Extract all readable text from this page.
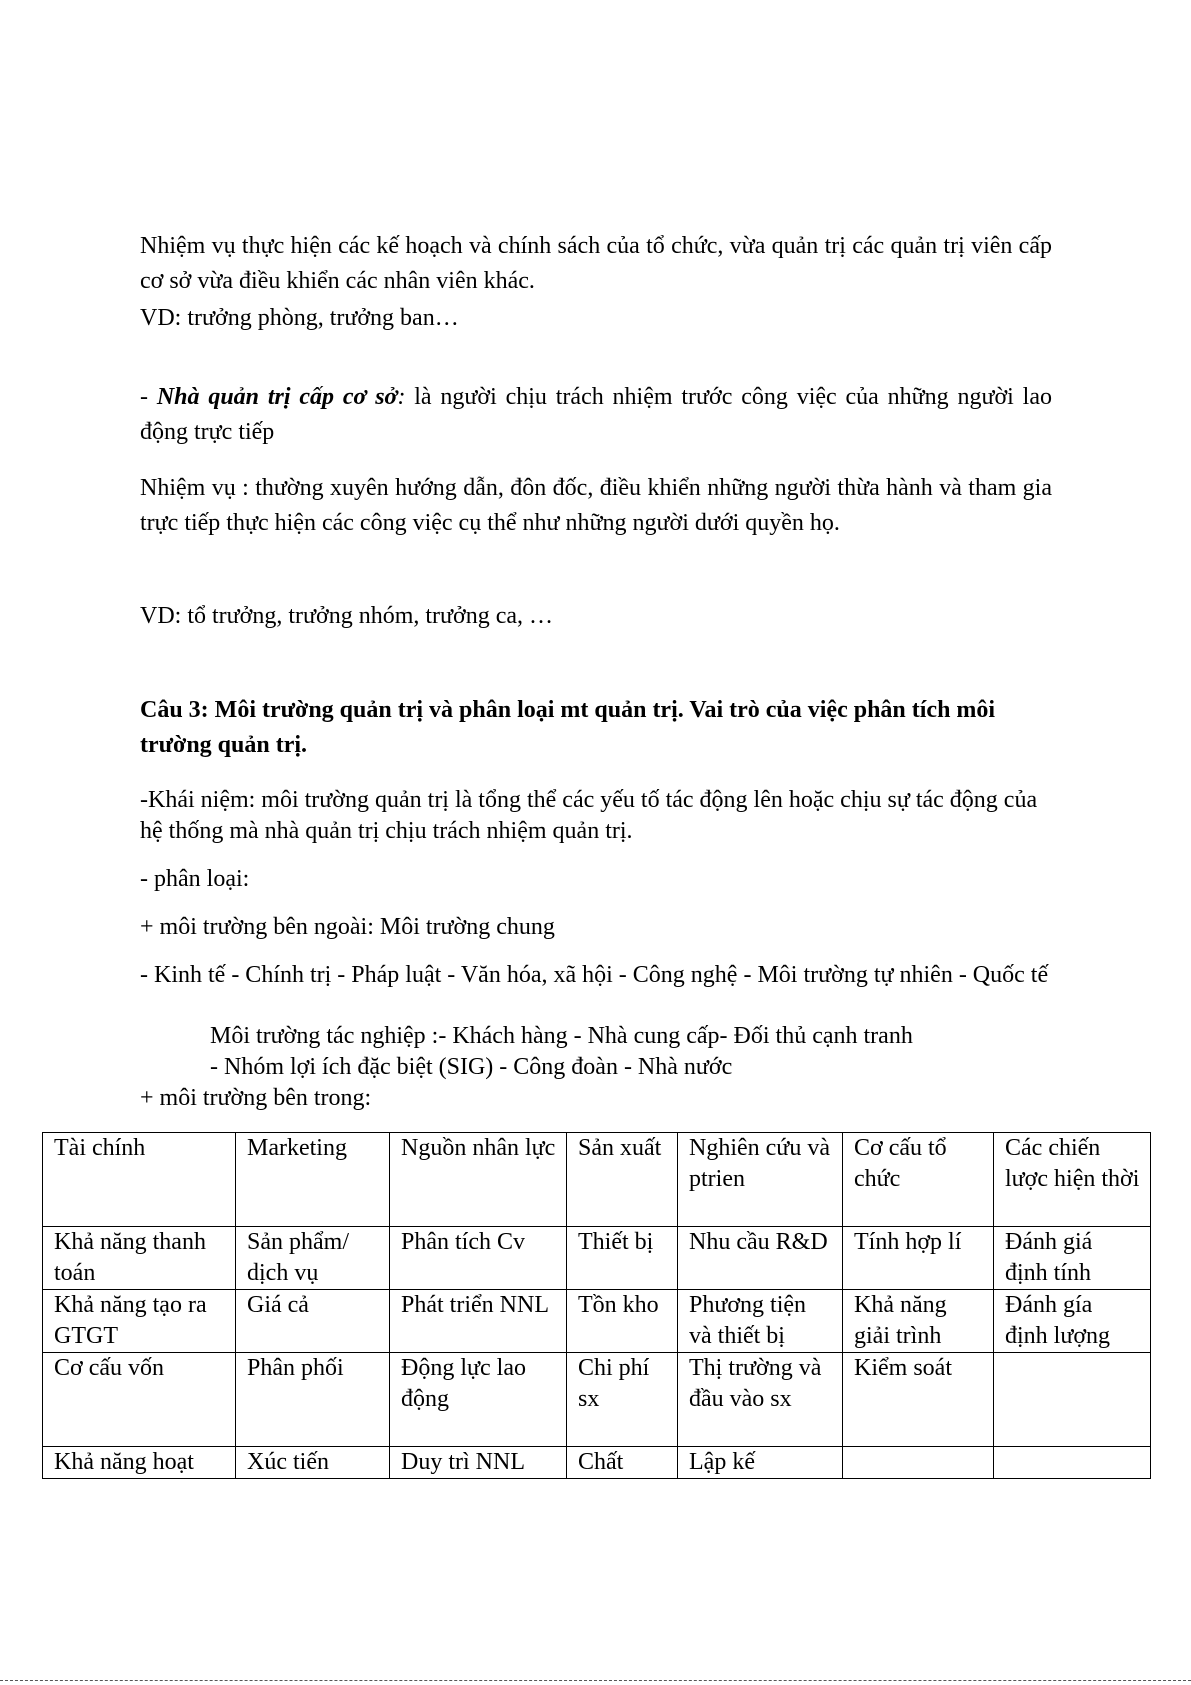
Nhiệm vụ thực hiện các kế hoạch và chính sách của tổ chức, vừa quản trị các quản trị viên cấp cơ sở vừa điều khiển các nhân viên khác.
VD: trưởng phòng, trưởng ban…
- Nhà quản trị cấp cơ sở: là người chịu trách nhiệm trước công việc của những người lao động trực tiếp
Nhiệm vụ : thường xuyên hướng dẫn, đôn đốc, điều khiển những người thừa hành và tham gia trực tiếp thực hiện các công việc cụ thể như những người dưới quyền họ.
VD: tổ trưởng, trưởng nhóm, trưởng ca, …
Câu 3: Môi trường quản trị và phân loại mt quản trị. Vai trò của việc phân tích môi trường quản trị.
-Khái niệm: môi trường quản trị là tổng thể các yếu tố tác động lên hoặc chịu sự tác động của hệ thống mà nhà quản trị chịu trách nhiệm quản trị.
- phân loại:
+ môi trường bên ngoài: Môi trường chung
- Kinh tế - Chính trị - Pháp luật - Văn hóa, xã hội - Công nghệ - Môi trường tự nhiên - Quốc tế
Môi trường tác nghiệp :- Khách hàng - Nhà cung cấp- Đối thủ cạnh tranh
- Nhóm lợi ích đặc biệt (SIG) - Công đoàn - Nhà nước
+ môi trường bên trong:
Tài chính	Marketing	Nguồn nhân lực	Sản xuất	Nghiên cứu và ptrien	Cơ cấu tổ chức	Các chiến lược hiện thời
Khả năng thanh toán	Sản phẩm/ dịch vụ	Phân tích Cv	Thiết bị	Nhu cầu R&D	Tính hợp lí	Đánh giá định tính
Khả năng tạo ra GTGT	Giá cả	Phát triển NNL	Tồn kho	Phương tiện và thiết bị	Khả năng giải trình	Đánh gía định lượng
Cơ cấu vốn	Phân phối	Động lực lao động	Chi phí sx	Thị trường và đầu vào sx	Kiểm soát	
Khả năng hoạt	Xúc tiến	Duy trì NNL	Chất	Lập kế		
